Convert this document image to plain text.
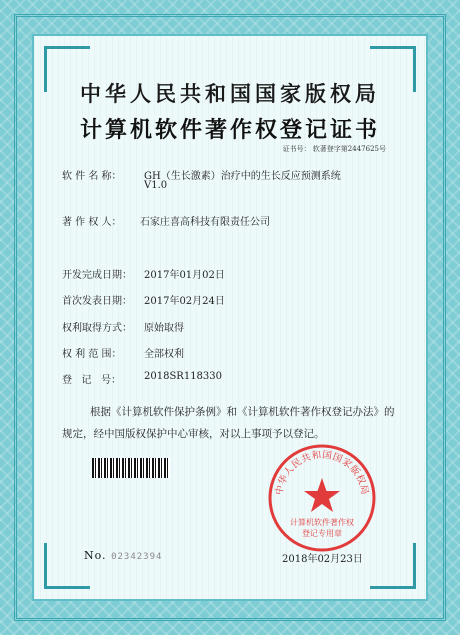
中华人民共和国国家版权局
计算机软件著作权登记证书
证书号： 软著登字第2447625号
软 件 名 称： GH（生长激素）治疗中的生长反应预测系统
V1.0
著 作 权 人： 石家庄喜高科技有限责任公司
开发完成日期： 2017年01月02日
首次发表日期： 2017年02月24日
权利取得方式： 原始取得
权 利 范 围： 全部权利
登   记   号： 2018SR118330
根据《计算机软件保护条例》和《计算机软件著作权登记办法》的
规定，经中国版权保护中心审核，对以上事项予以登记。
中华人民共和国国家版权局
计算机软件著作权
登记专用章
No. 02342394	2018年02月23日
